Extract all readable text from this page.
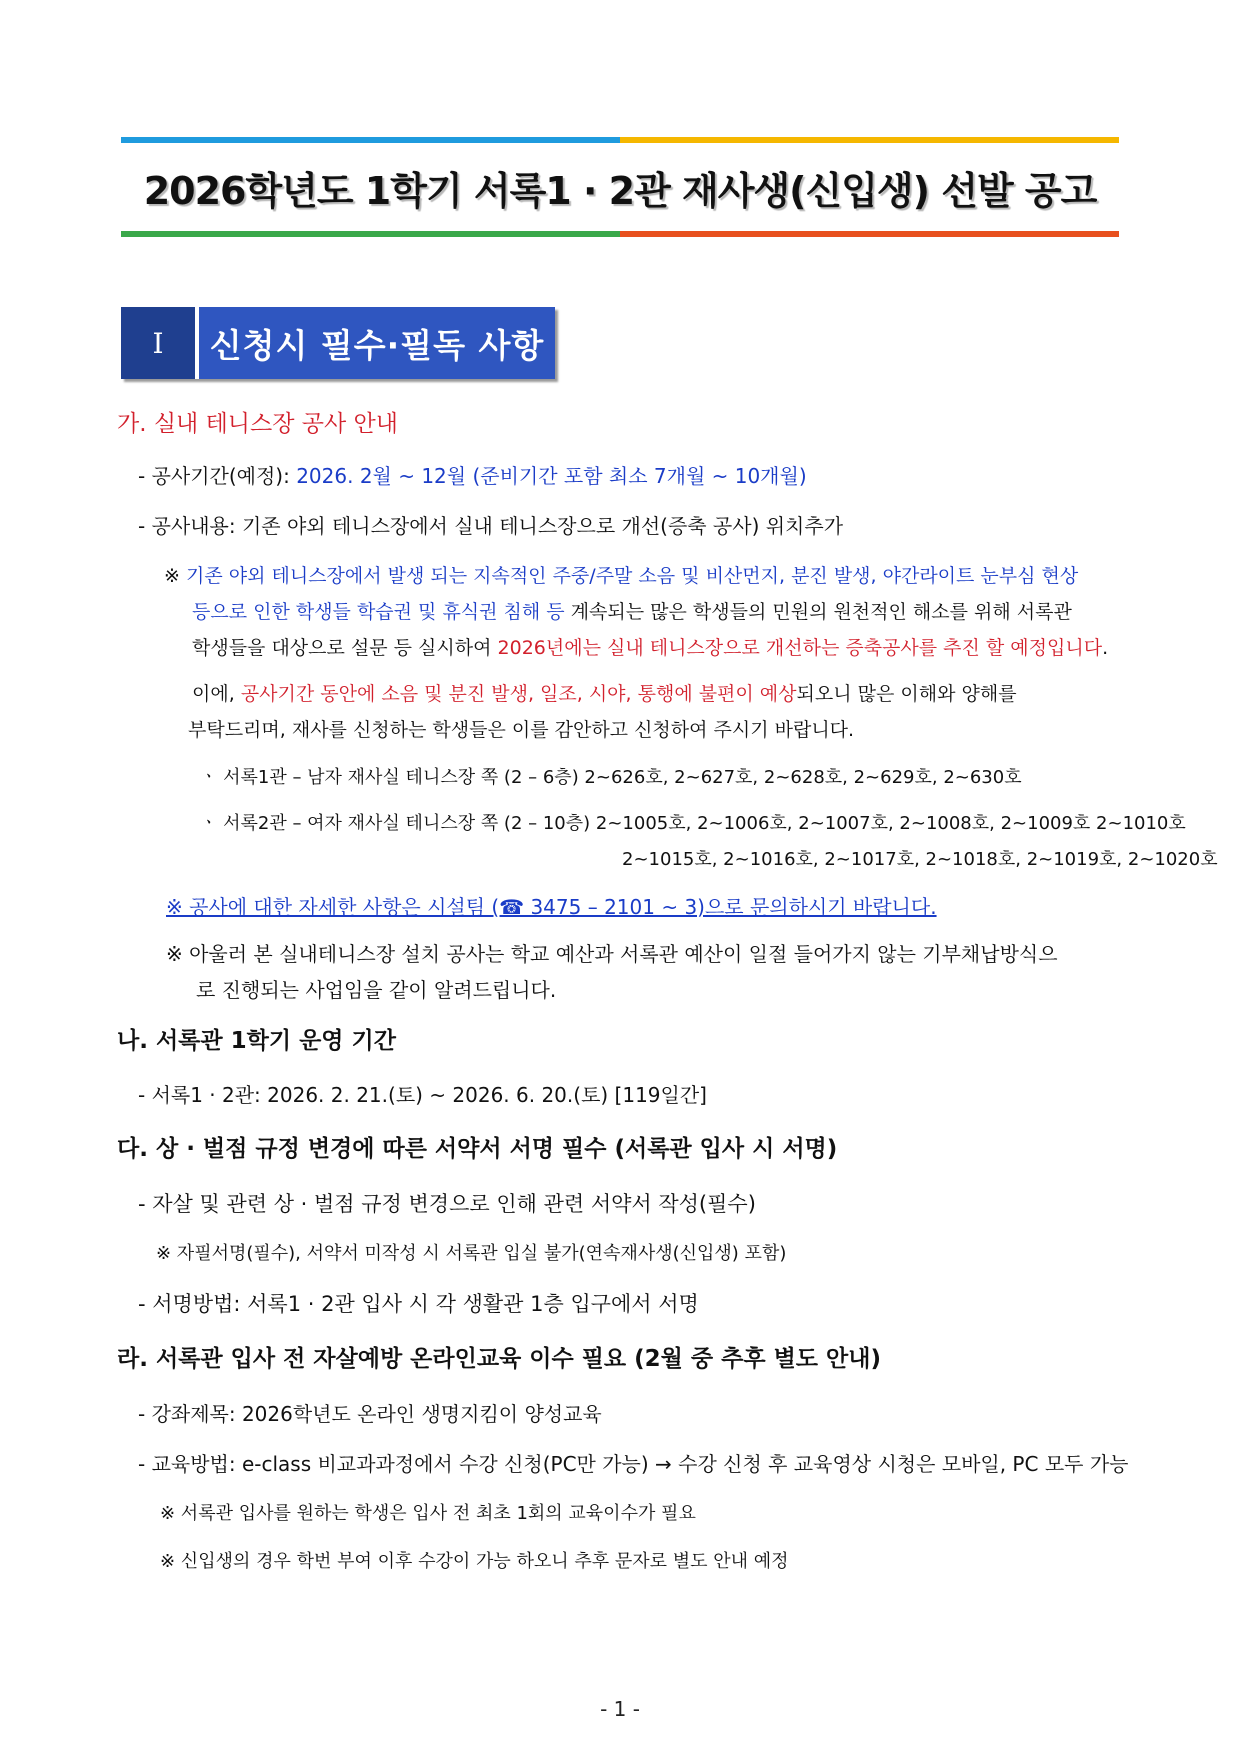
2026학년도 1학기 서록1 · 2관 재사생(신입생) 선발 공고
Ⅰ	신청시 필수·필독 사항
가. 실내 테니스장 공사 안내
- 공사기간(예정): 2026. 2월 ~ 12월 (준비기간 포함 최소 7개월 ~ 10개월)
- 공사내용: 기존 야외 테니스장에서 실내 테니스장으로 개선(증축 공사) 위치추가
※ 기존 야외 테니스장에서 발생 되는 지속적인 주중/주말 소음 및 비산먼지, 분진 발생, 야간라이트 눈부심 현상
등으로 인한 학생들 학습권 및 휴식권 침해 등 계속되는 많은 학생들의 민원의 원천적인 해소를 위해 서록관
학생들을 대상으로 설문 등 실시하여 2026년에는 실내 테니스장으로 개선하는 증축공사를 추진 할 예정입니다.
이에, 공사기간 동안에 소음 및 분진 발생, 일조, 시야, 통행에 불편이 예상되오니 많은 이해와 양해를
부탁드리며, 재사를 신청하는 학생들은 이를 감안하고 신청하여 주시기 바랍니다.
ㆍ 서록1관 – 남자 재사실 테니스장 쪽 (2 – 6층) 2~626호, 2~627호, 2~628호, 2~629호, 2~630호
ㆍ 서록2관 – 여자 재사실 테니스장 쪽 (2 – 10층) 2~1005호, 2~1006호, 2~1007호, 2~1008호, 2~1009호 2~1010호
2~1015호, 2~1016호, 2~1017호, 2~1018호, 2~1019호, 2~1020호
※ 공사에 대한 자세한 사항은 시설팀 (☎ 3475 – 2101 ~ 3)으로 문의하시기 바랍니다.
※ 아울러 본 실내테니스장 설치 공사는 학교 예산과 서록관 예산이 일절 들어가지 않는 기부채납방식으
로 진행되는 사업임을 같이 알려드립니다.
나. 서록관 1학기 운영 기간
- 서록1 · 2관: 2026. 2. 21.(토) ~ 2026. 6. 20.(토) [119일간]
다. 상 · 벌점 규정 변경에 따른 서약서 서명 필수 (서록관 입사 시 서명)
- 자살 및 관련 상 · 벌점 규정 변경으로 인해 관련 서약서 작성(필수)
※ 자필서명(필수), 서약서 미작성 시 서록관 입실 불가(연속재사생(신입생) 포함)
- 서명방법: 서록1 · 2관 입사 시 각 생활관 1층 입구에서 서명
라. 서록관 입사 전 자살예방 온라인교육 이수 필요 (2월 중 추후 별도 안내)
- 강좌제목: 2026학년도 온라인 생명지킴이 양성교육
- 교육방법: e-class 비교과과정에서 수강 신청(PC만 가능) → 수강 신청 후 교육영상 시청은 모바일, PC 모두 가능
※ 서록관 입사를 원하는 학생은 입사 전 최초 1회의 교육이수가 필요
※ 신입생의 경우 학번 부여 이후 수강이 가능 하오니 추후 문자로 별도 안내 예정
- 1 -
